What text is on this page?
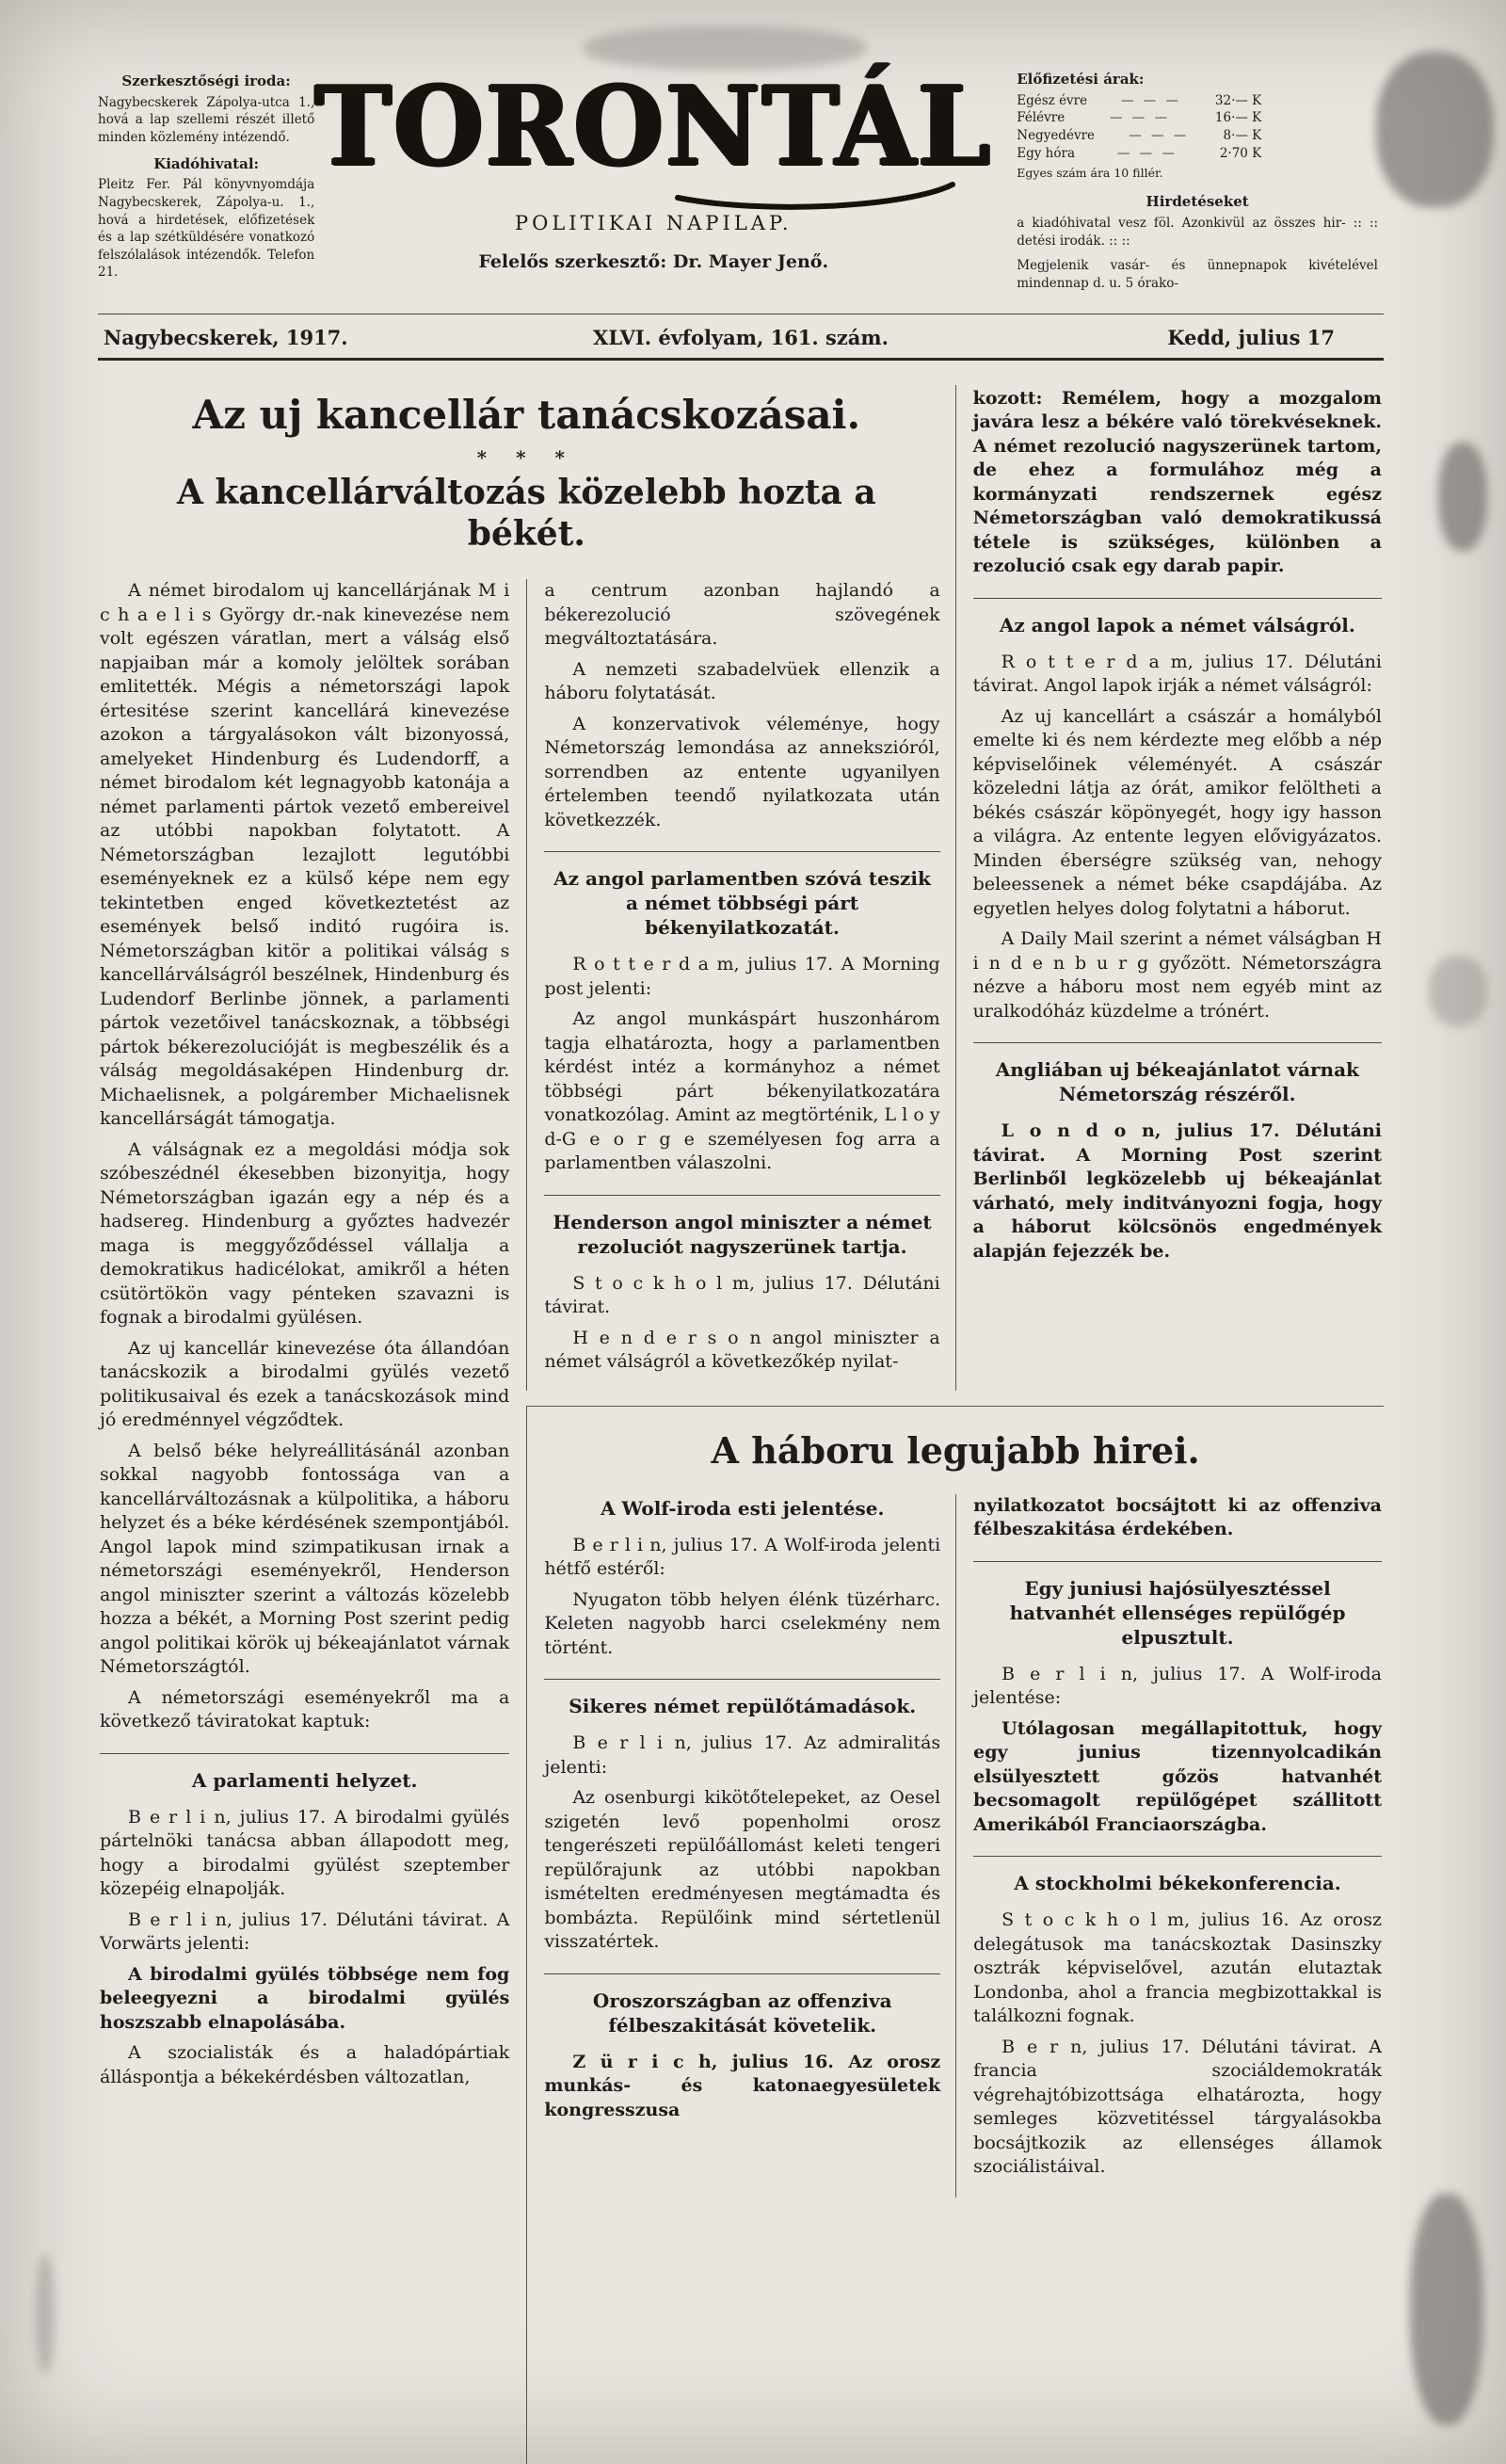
Szerkesztőségi iroda:
Nagybecskerek Zápolya-utca 1., hová a lap szellemi részét illető minden közlemény intézendő.
Kiadóhivatal:
Pleitz Fer. Pál könyvnyomdája Nagybecskerek, Zápolya-u. 1., hová a hirdetések, előfizetések és a lap szétküldésére vonatkozó felszólalások intézendők. Telefon 21.
TORONTÁL
POLITIKAI NAPILAP.
Felelős szerkesztő: Dr. Mayer Jenő.
Előfizetési árak:
Egész évre	— — —	32·— K
Félévre	— — —	16·— K
Negyedévre	— — —	8·— K
Egy hóra	— — —	2·70 K
Egyes szám ára 10 fillér.
Hirdetéseket
a kiadóhivatal vesz föl. Azonkivül az összes hir- :: :: detési irodák. :: ::
Megjelenik vasár- és ünnepnapok kivételével mindennap d. u. 5 órako-
Nagybecskerek, 1917.	XLVI. évfolyam, 161. szám.	Kedd, julius 17
Az uj kancellár tanácskozásai.
* * *
A kancellárváltozás közelebb hozta a békét.
A német birodalom uj kancellárjának M i c h a e l i s György dr.-nak kinevezése nem volt egészen váratlan, mert a válság első napjaiban már a komoly jelöltek sorában emlitették. Mégis a németországi lapok értesitése szerint kancellárá kinevezése azokon a tárgyalásokon vált bizonyossá, amelyeket Hindenburg és Ludendorff, a német birodalom két legnagyobb katonája a német parlamenti pártok vezető embereivel az utóbbi napokban folytatott. A Németországban lezajlott legutóbbi eseményeknek ez a külső képe nem egy tekintetben enged következtetést az események belső inditó rugóira is. Németországban kitör a politikai válság s kancellárválságról beszélnek, Hindenburg és Ludendorf Berlinbe jönnek, a parlamenti pártok vezetőivel tanácskoznak, a többségi pártok békerezolucióját is megbeszélik és a válság megoldásaképen Hindenburg dr. Michaelisnek, a polgárember Michaelisnek kancellárságát támogatja.
A válságnak ez a megoldási módja sok szóbeszédnél ékesebben bizonyitja, hogy Németországban igazán egy a nép és a hadsereg. Hindenburg a győztes hadvezér maga is meggyőződéssel vállalja a demokratikus hadicélokat, amikről a héten csütörtökön vagy pénteken szavazni is fognak a birodalmi gyülésen.
Az uj kancellár kinevezése óta állandóan tanácskozik a birodalmi gyülés vezető politikusaival és ezek a tanácskozások mind jó eredménnyel végződtek.
A belső béke helyreállitásánál azonban sokkal nagyobb fontossága van a kancellárváltozásnak a külpolitika, a háboru helyzet és a béke kérdésének szempontjából. Angol lapok mind szimpatikusan irnak a németországi eseményekről, Henderson angol miniszter szerint a változás közelebb hozza a békét, a Morning Post szerint pedig angol politikai körök uj békeajánlatot várnak Németországtól.
A németországi eseményekről ma a következő táviratokat kaptuk:
A parlamenti helyzet.
B e r l i n, julius 17. A birodalmi gyülés pártelnöki tanácsa abban állapodott meg, hogy a birodalmi gyülést szeptember közepéig elnapolják.
B e r l i n, julius 17. Délutáni távirat. A Vorwärts jelenti:
A birodalmi gyülés többsége nem fog beleegyezni a birodalmi gyülés hoszszabb elnapolásába.
A szocialisták és a haladópártiak álláspontja a békekérdésben változatlan,
a centrum azonban hajlandó a békerezolució szövegének megváltoztatására.
A nemzeti szabadelvüek ellenzik a háboru folytatását.
A konzervativok véleménye, hogy Németország lemondása az annekszióról, sorrendben az entente ugyanilyen értelemben teendő nyilatkozata után következzék.
Az angol parlamentben szóvá teszik a német többségi párt békenyilatkozatát.
R o t t e r d a m, julius 17. A Morning post jelenti:
Az angol munkáspárt huszonhárom tagja elhatározta, hogy a parlamentben kérdést intéz a kormányhoz a német többségi párt békenyilatkozatára vonatkozólag. Amint az megtörténik, L l o y d-G e o r g e személyesen fog arra a parlamentben válaszolni.
Henderson angol miniszter a német rezoluciót nagyszerünek tartja.
S t o c k h o l m, julius 17. Délutáni távirat.
H e n d e r s o n angol miniszter a német válságról a következőkép nyilat-
kozott: Remélem, hogy a mozgalom javára lesz a békére való törekvéseknek. A német rezolució nagyszerünek tartom, de ehez a formulához még a kormányzati rendszernek egész Németországban való demokratikussá tétele is szükséges, különben a rezolució csak egy darab papir.
Az angol lapok a német válságról.
R o t t e r d a m, julius 17. Délutáni távirat. Angol lapok irják a német válságról:
Az uj kancellárt a császár a homályból emelte ki és nem kérdezte meg előbb a nép képviselőinek véleményét. A császár közeledni látja az órát, amikor felöltheti a békés császár köpönyegét, hogy igy hasson a világra. Az entente legyen elővigyázatos. Minden éberségre szükség van, nehogy beleessenek a német béke csapdájába. Az egyetlen helyes dolog folytatni a háborut.
A Daily Mail szerint a német válságban H i n d e n b u r g győzött. Németországra nézve a háboru most nem egyéb mint az uralkodóház küzdelme a trónért.
Angliában uj békeajánlatot várnak Németország részéről.
L o n d o n, julius 17. Délutáni távirat. A Morning Post szerint Berlinből legközelebb uj békeajánlat várható, mely inditványozni fogja, hogy a háborut kölcsönös engedmények alapján fejezzék be.
A háboru legujabb hirei.
A Wolf-iroda esti jelentése.
B e r l i n, julius 17. A Wolf-iroda jelenti hétfő estéről:
Nyugaton több helyen élénk tüzérharc. Keleten nagyobb harci cselekmény nem történt.
Sikeres német repülőtámadások.
B e r l i n, julius 17. Az admiralitás jelenti:
Az osenburgi kikötőtelepeket, az Oesel szigetén levő popenholmi orosz tengerészeti repülőállomást keleti tengeri repülőrajunk az utóbbi napokban ismételten eredményesen megtámadta és bombázta. Repülőink mind sértetlenül visszatértek.
Oroszországban az offenziva félbeszakitását követelik.
Z ü r i c h, julius 16. Az orosz munkás- és katonaegyesületek kongresszusa
nyilatkozatot bocsájtott ki az offenziva félbeszakitása érdekében.
Egy juniusi hajósülyesztéssel hatvanhét ellenséges repülőgép elpusztult.
B e r l i n, julius 17. A Wolf-iroda jelentése:
Utólagosan megállapitottuk, hogy egy junius tizennyolcadikán elsülyesztett gőzös hatvanhét becsomagolt repülőgépet szállitott Amerikából Franciaországba.
A stockholmi békekonferencia.
S t o c k h o l m, julius 16. Az orosz delegátusok ma tanácskoztak Dasinszky osztrák képviselővel, azután elutaztak Londonba, ahol a francia megbizottakkal is találkozni fognak.
B e r n, julius 17. Délutáni távirat. A francia szociáldemokraták végrehajtóbizottsága elhatározta, hogy semleges közvetitéssel tárgyalásokba bocsájtkozik az ellenséges államok szociálistáival.
